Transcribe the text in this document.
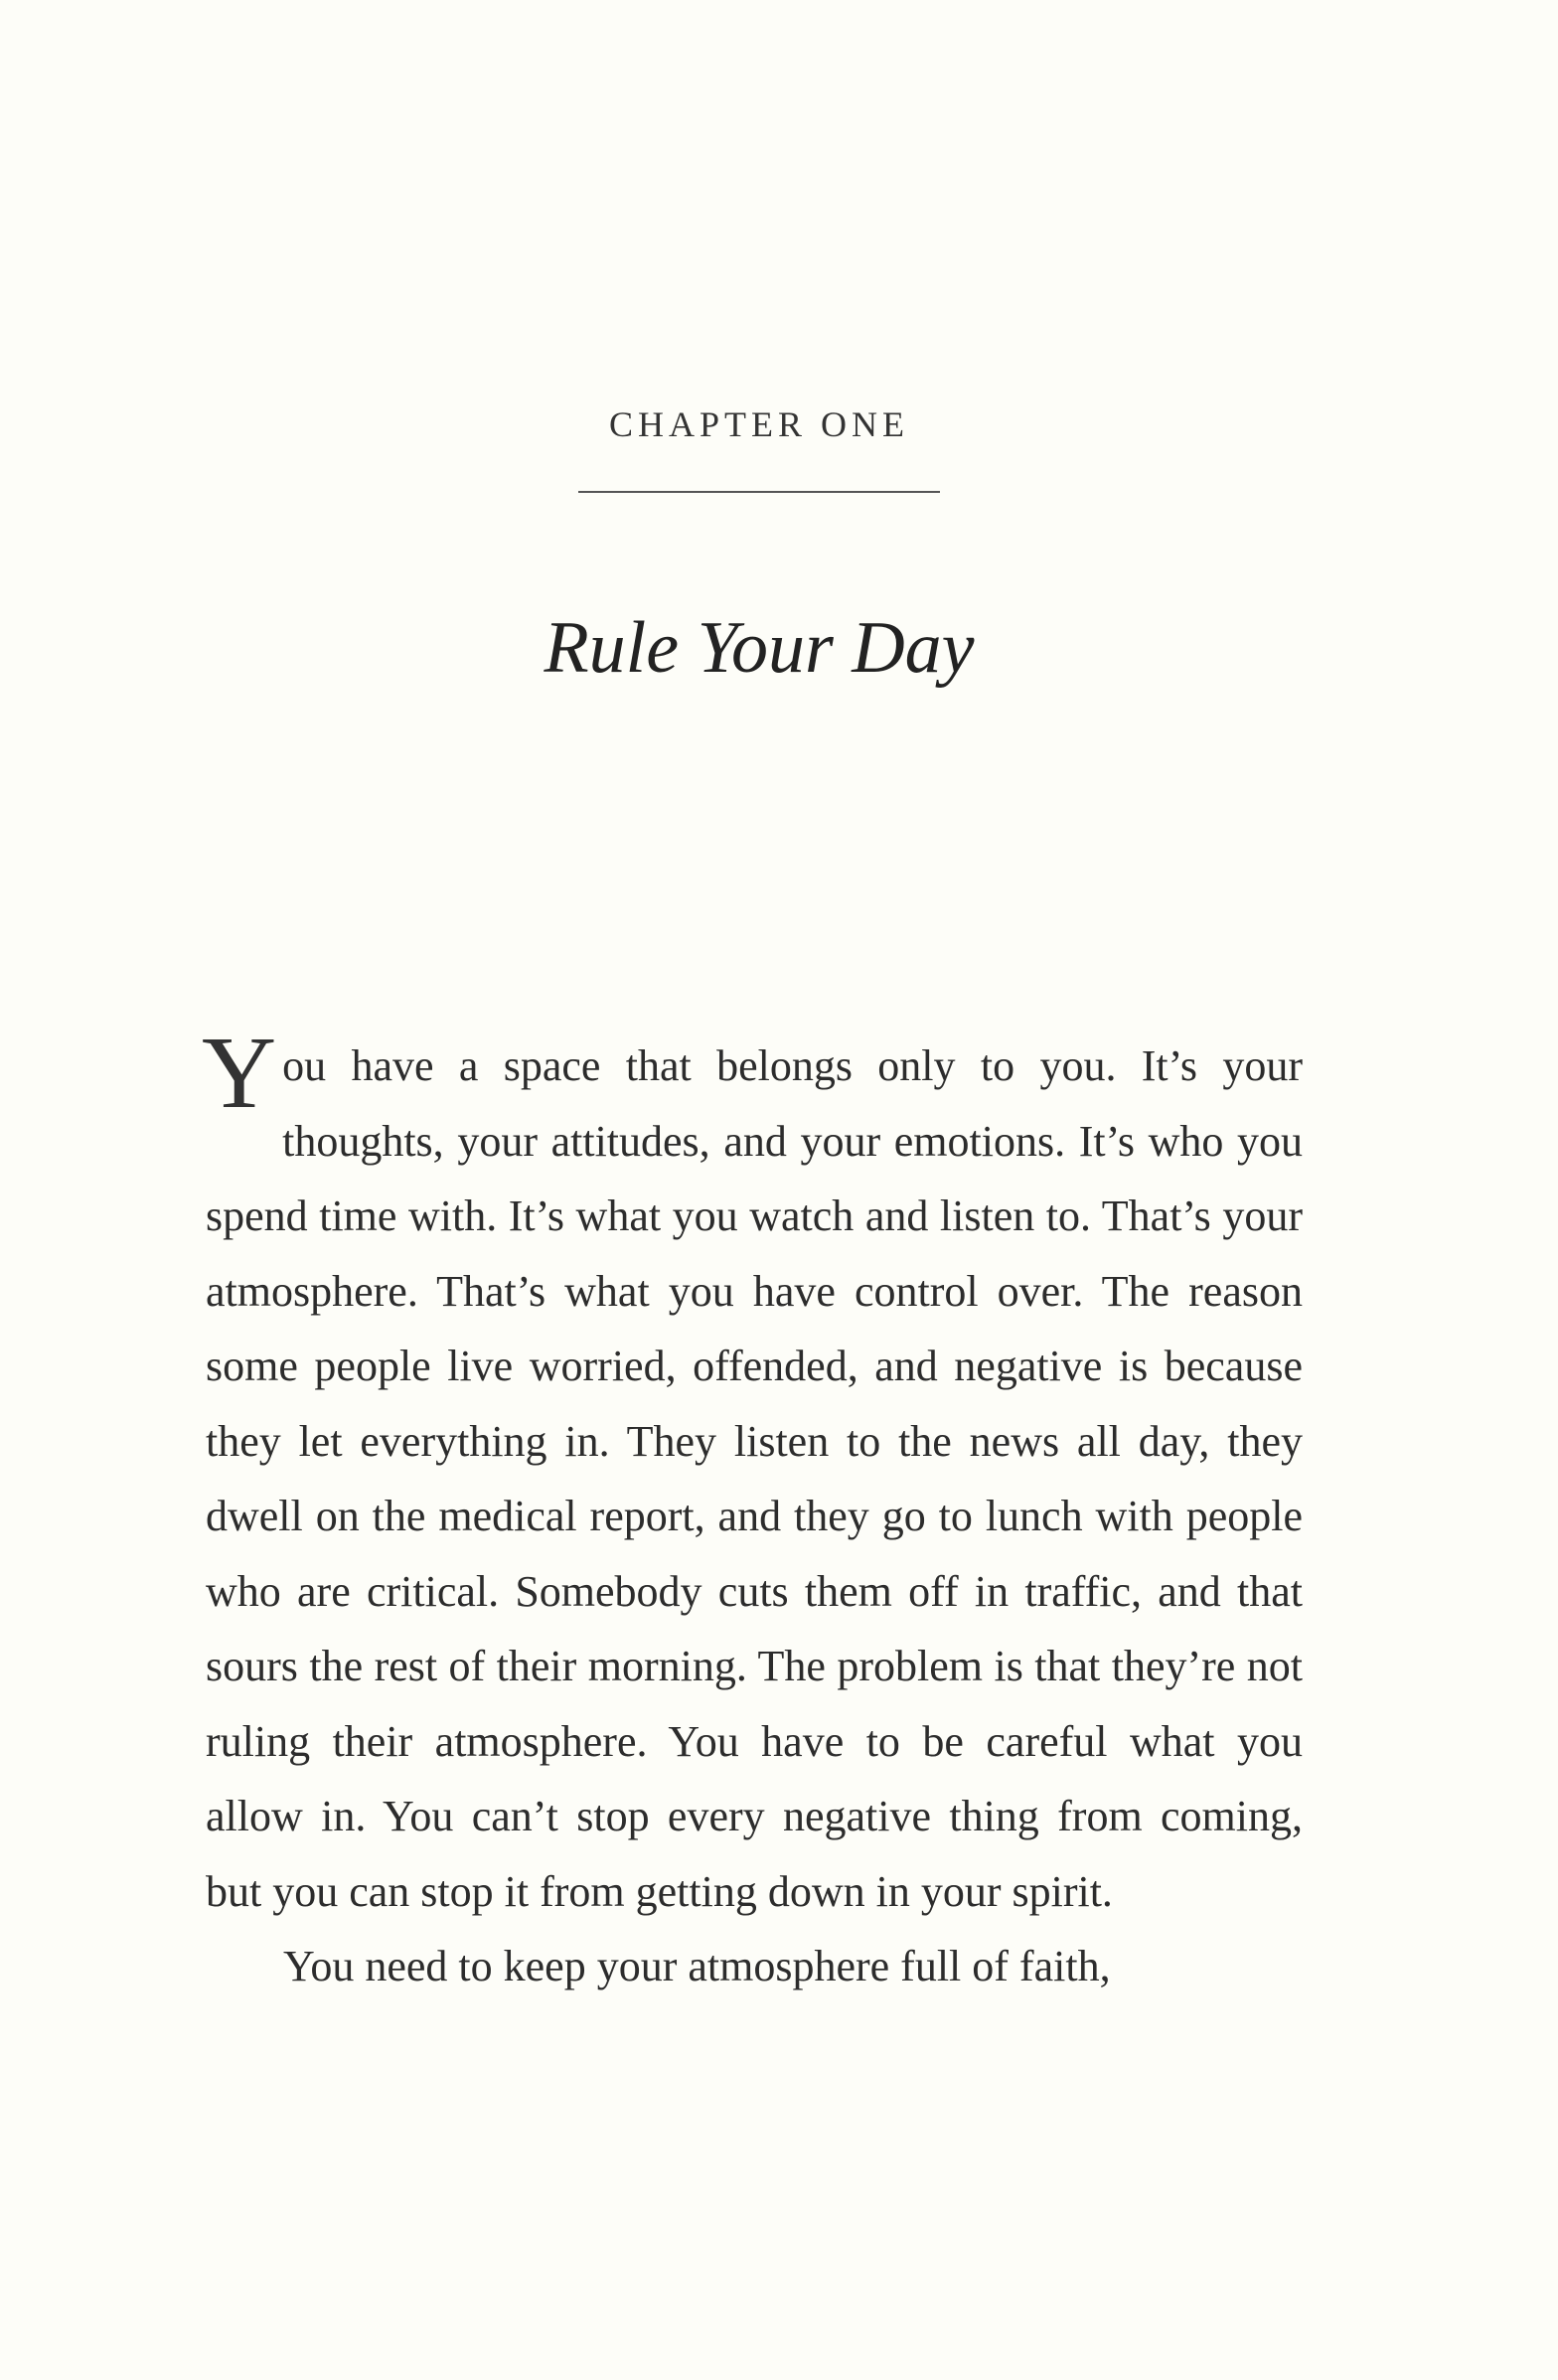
CHAPTER ONE
Rule Your Day

You have a space that belongs only to you. It’s your thoughts, your attitudes, and your emotions. It’s who you spend time with. It’s what you watch and listen to. That’s your atmosphere. That’s what you have control over. The reason some people live worried, offended, and negative is because they let everything in. They listen to the news all day, they dwell on the medical report, and they go to lunch with people who are critical. Somebody cuts them off in traffic, and that sours the rest of their morning. The problem is that they’re not ruling their atmosphere. You have to be careful what you allow in. You can’t stop every negative thing from coming, but you can stop it from getting down in your spirit.

You need to keep your atmosphere full of faith,
